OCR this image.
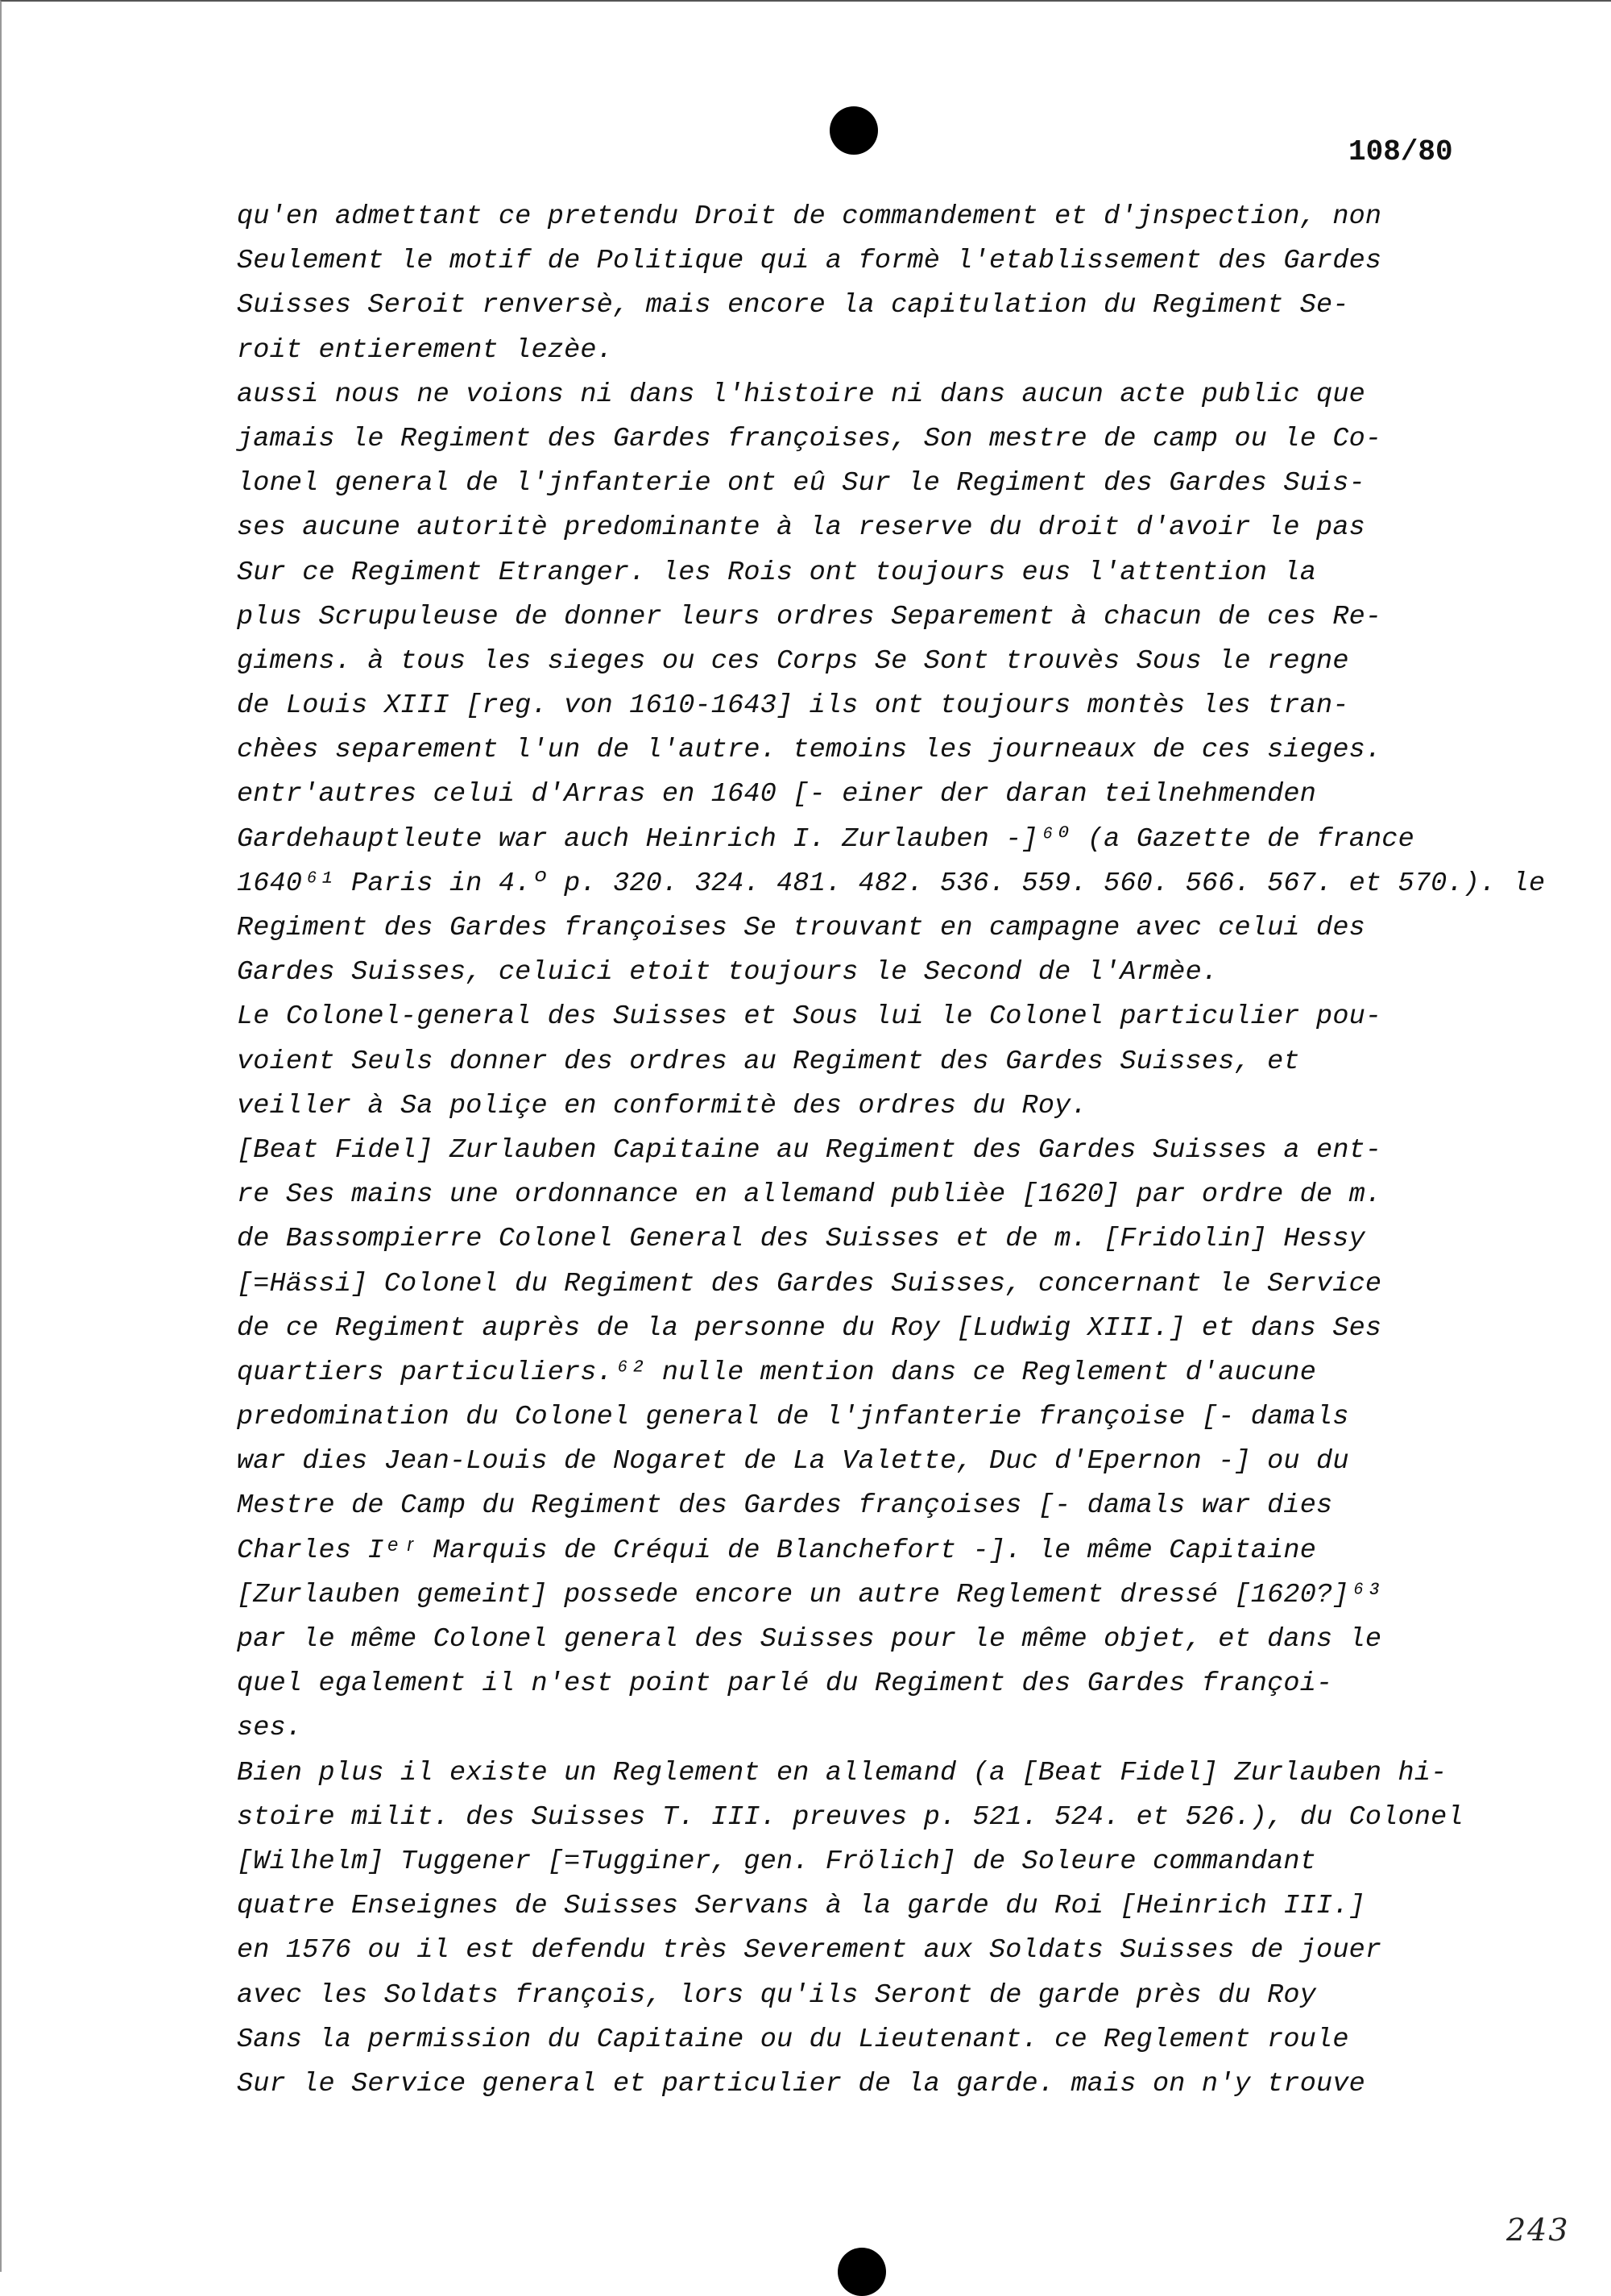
108/80
qu'en admettant ce pretendu Droit de commandement et d'jnspection, non
Seulement le motif de Politique qui a formè l'etablissement des Gardes
Suisses Seroit renversè, mais encore la capitulation du Regiment Se-
roit entierement lezèe.
aussi nous ne voions ni dans l'histoire ni dans aucun acte public que
jamais le Regiment des Gardes françoises, Son mestre de camp ou le Co-
lonel general de l'jnfanterie ont eû Sur le Regiment des Gardes Suis-
ses aucune autoritè predominante à la reserve du droit d'avoir le pas
Sur ce Regiment Etranger. les Rois ont toujours eus l'attention la
plus Scrupuleuse de donner leurs ordres Separement à chacun de ces Re-
gimens. à tous les sieges ou ces Corps Se Sont trouvès Sous le regne
de Louis XIII [reg. von 1610-1643] ils ont toujours montès les tran-
chèes separement l'un de l'autre. temoins les journeaux de ces sieges.
entr'autres celui d'Arras en 1640 [- einer der daran teilnehmenden
Gardehauptleute war auch Heinrich I. Zurlauben -]⁶⁰ (a Gazette de france
1640⁶¹ Paris in 4.º p. 320. 324. 481. 482. 536. 559. 560. 566. 567. et 570.). le
Regiment des Gardes françoises Se trouvant en campagne avec celui des
Gardes Suisses, celuici etoit toujours le Second de l'Armèe.
Le Colonel-general des Suisses et Sous lui le Colonel particulier pou-
voient Seuls donner des ordres au Regiment des Gardes Suisses, et
veiller à Sa poliçe en conformitè des ordres du Roy.
[Beat Fidel] Zurlauben Capitaine au Regiment des Gardes Suisses a ent-
re Ses mains une ordonnance en allemand publièe [1620] par ordre de m.
de Bassompierre Colonel General des Suisses et de m. [Fridolin] Hessy
[=Hässi] Colonel du Regiment des Gardes Suisses, concernant le Service
de ce Regiment auprès de la personne du Roy [Ludwig XIII.] et dans Ses
quartiers particuliers.⁶² nulle mention dans ce Reglement d'aucune
predomination du Colonel general de l'jnfanterie françoise [- damals
war dies Jean-Louis de Nogaret de La Valette, Duc d'Epernon -] ou du
Mestre de Camp du Regiment des Gardes françoises [- damals war dies
Charles Iᵉʳ Marquis de Créqui de Blanchefort -]. le même Capitaine
[Zurlauben gemeint] possede encore un autre Reglement dressé [1620?]⁶³
par le même Colonel general des Suisses pour le même objet, et dans le
quel egalement il n'est point parlé du Regiment des Gardes françoi-
ses.
Bien plus il existe un Reglement en allemand (a [Beat Fidel] Zurlauben hi-
stoire milit. des Suisses T. III. preuves p. 521. 524. et 526.), du Colonel
[Wilhelm] Tuggener [=Tugginer, gen. Frölich] de Soleure commandant
quatre Enseignes de Suisses Servans à la garde du Roi [Heinrich III.]
en 1576 ou il est defendu très Severement aux Soldats Suisses de jouer
avec les Soldats françois, lors qu'ils Seront de garde près du Roy
Sans la permission du Capitaine ou du Lieutenant. ce Reglement roule
Sur le Service general et particulier de la garde. mais on n'y trouve
243
